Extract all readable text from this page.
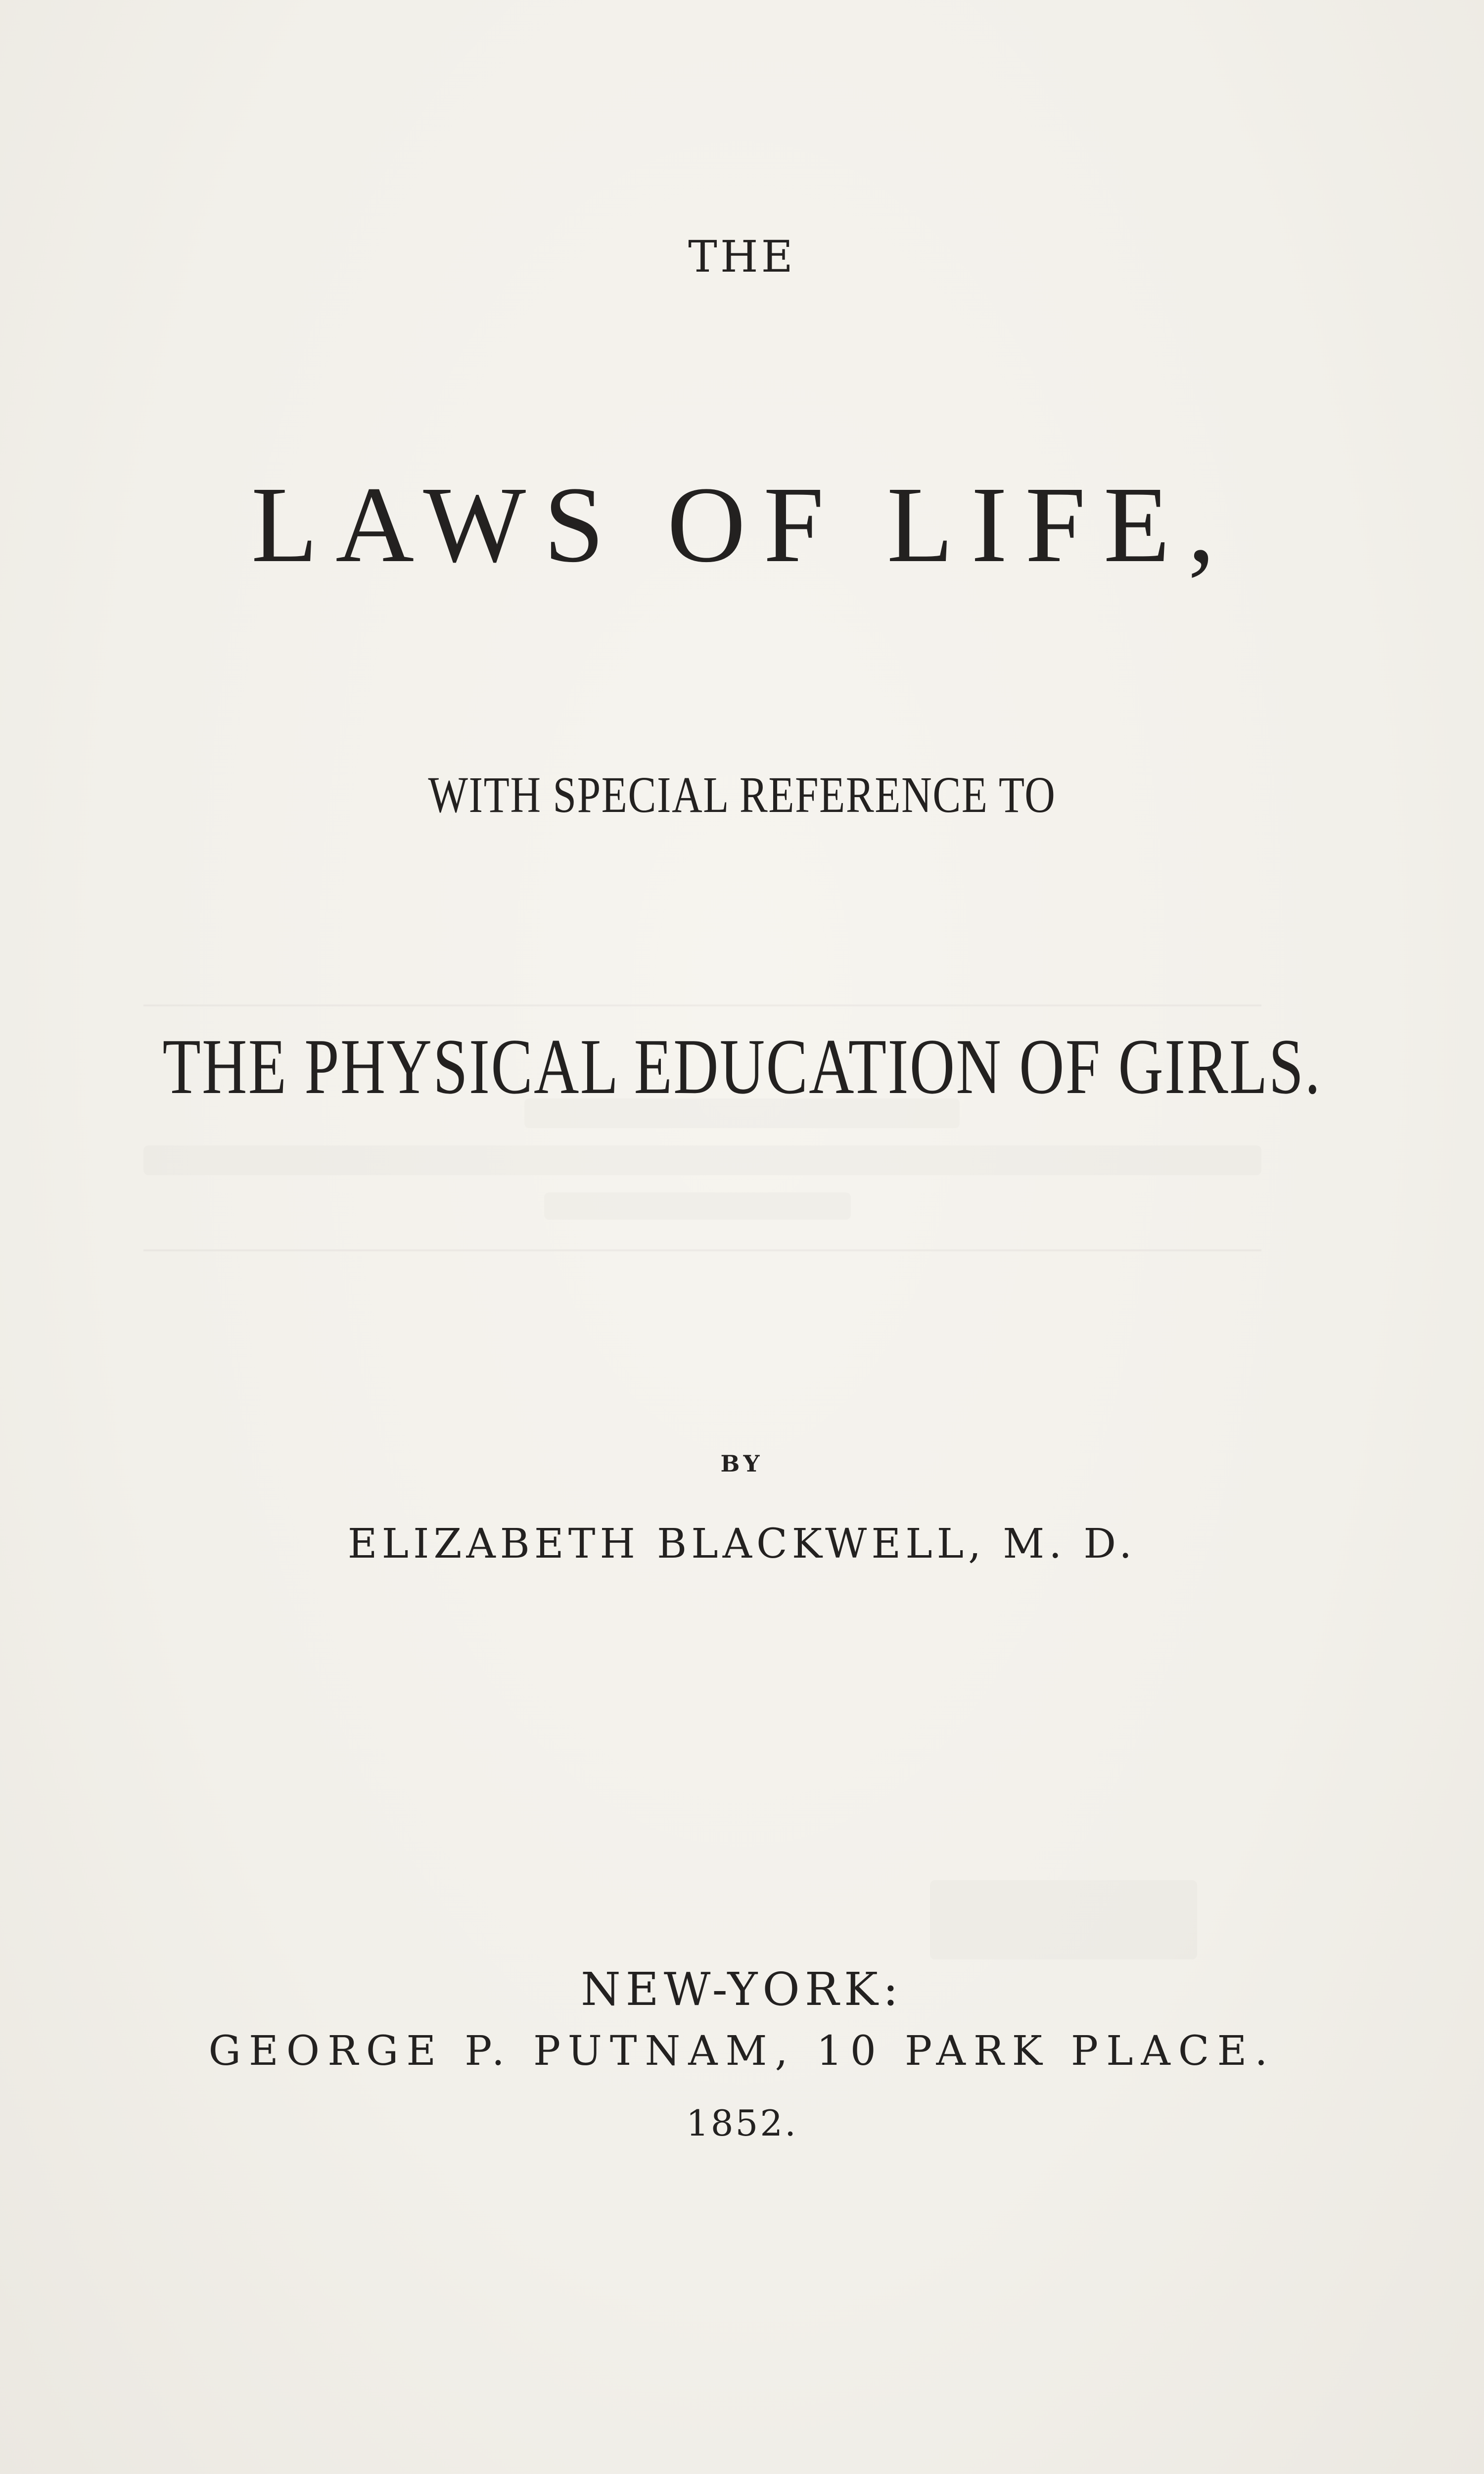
THE
LAWS OF LIFE,
WITH SPECIAL REFERENCE TO
THE PHYSICAL EDUCATION OF GIRLS.
BY
ELIZABETH BLACKWELL, M. D.
NEW-YORK:
GEORGE P. PUTNAM, 10 PARK PLACE.
1852.
